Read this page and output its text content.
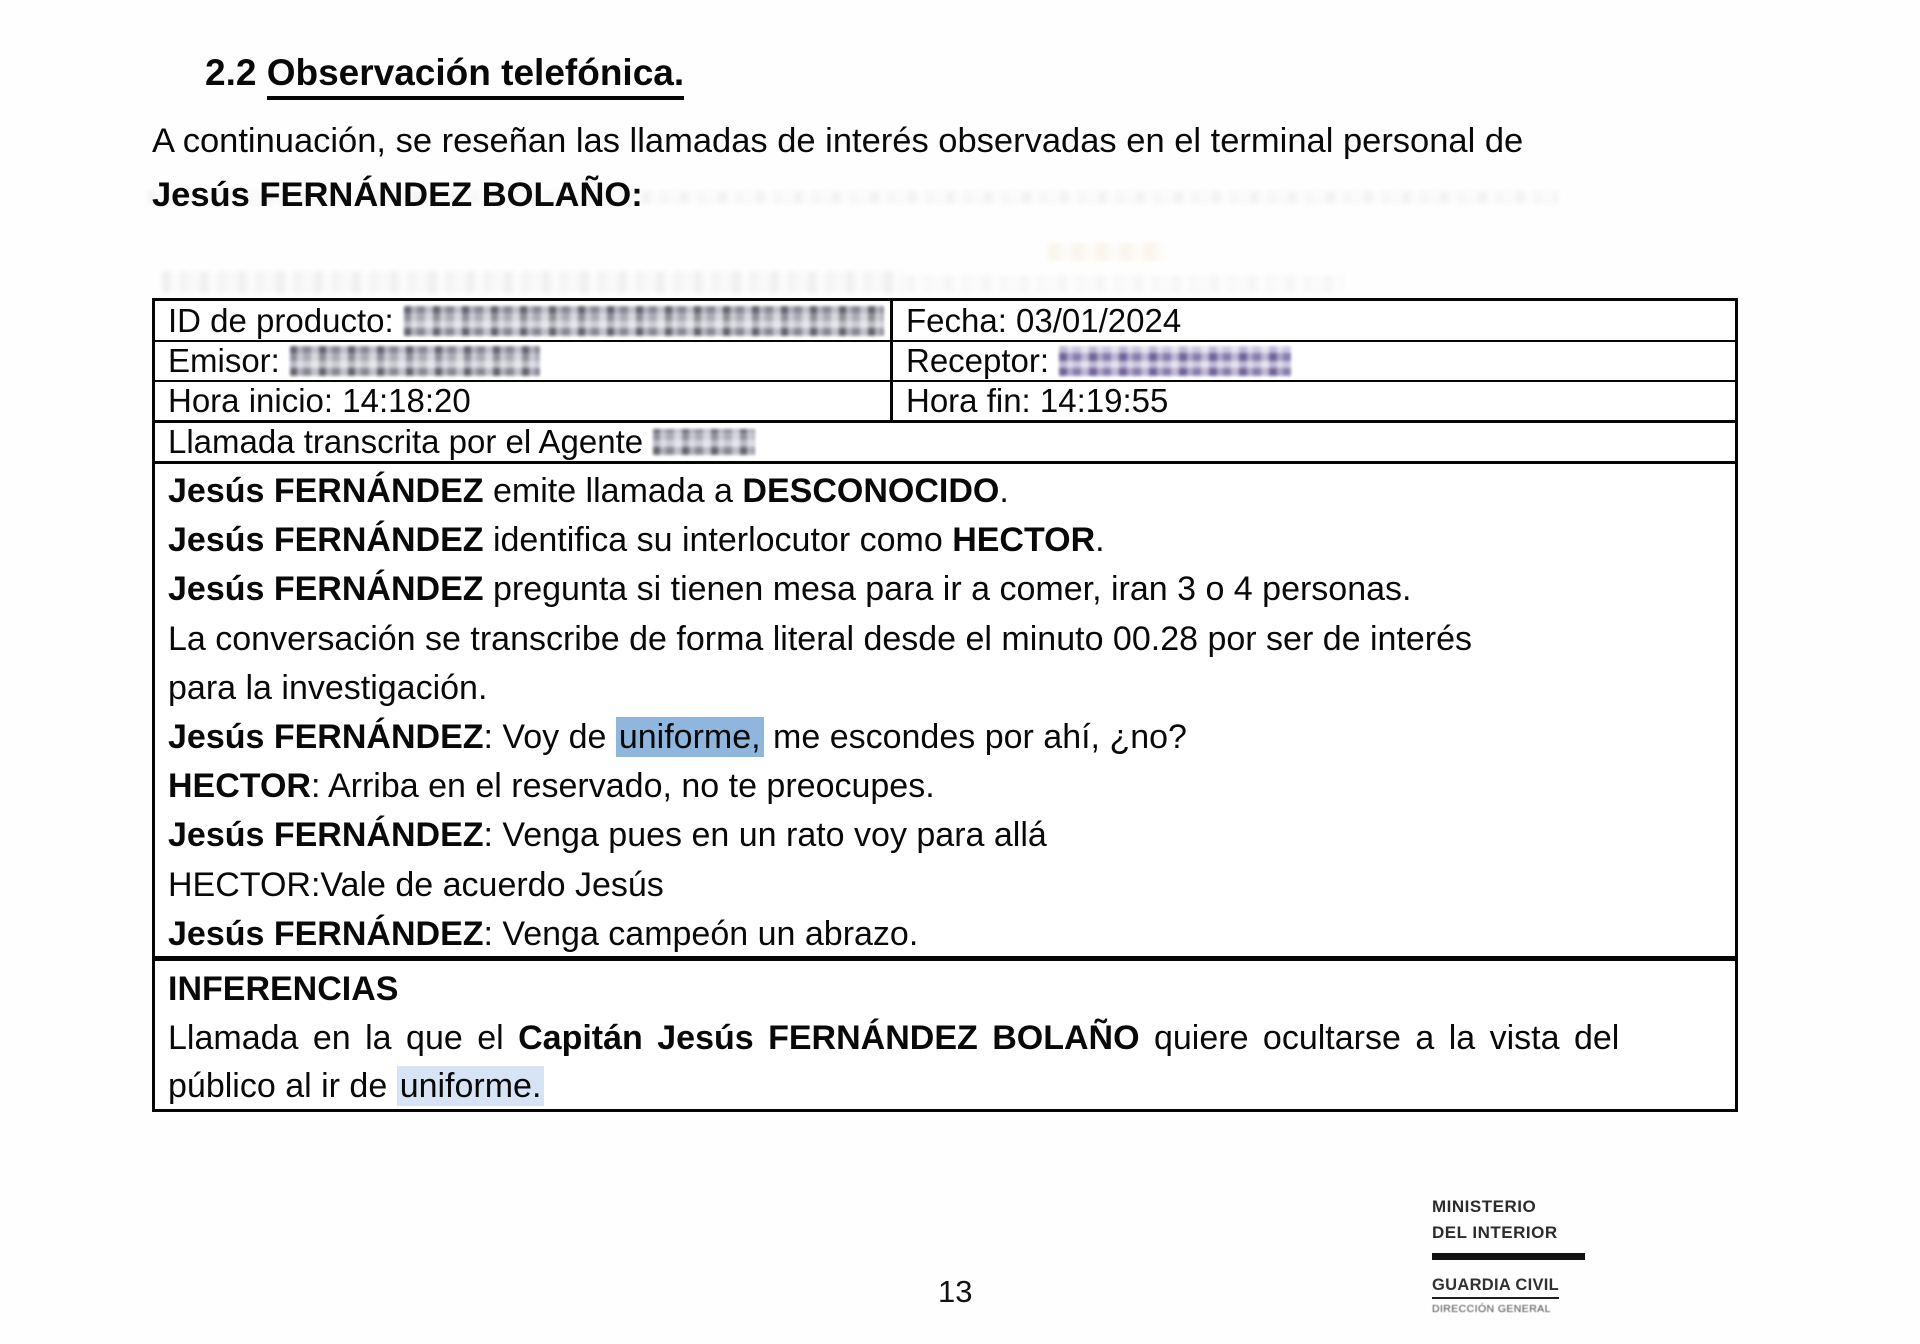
2.2 Observación telefónica.
A continuación, se reseñan las llamadas de interés observadas en el terminal personal de
Jesús FERNÁNDEZ BOLAÑO:
ID de producto:	Fecha: 03/01/2024
Emisor:	Receptor:
Hora inicio: 14:18:20	Hora fin: 14:19:55
Llamada transcrita por el Agente
Jesús FERNÁNDEZ emite llamada a DESCONOCIDO.
Jesús FERNÁNDEZ identifica su interlocutor como HECTOR.
Jesús FERNÁNDEZ pregunta si tienen mesa para ir a comer, iran 3 o 4 personas.
La conversación se transcribe de forma literal desde el minuto 00.28 por ser de interés
para la investigación.
Jesús FERNÁNDEZ: Voy de uniforme, me escondes por ahí, ¿no?
HECTOR: Arriba en el reservado, no te preocupes.
Jesús FERNÁNDEZ: Venga pues en un rato voy para allá
HECTOR:Vale de acuerdo Jesús
Jesús FERNÁNDEZ: Venga campeón un abrazo.
INFERENCIAS
Llamada en la que el Capitán Jesús FERNÁNDEZ BOLAÑO quiere ocultarse a la vista del
público al ir de uniforme.
13
MINISTERIO
DEL INTERIOR
GUARDIA CIVIL
DIRECCIÓN GENERAL
